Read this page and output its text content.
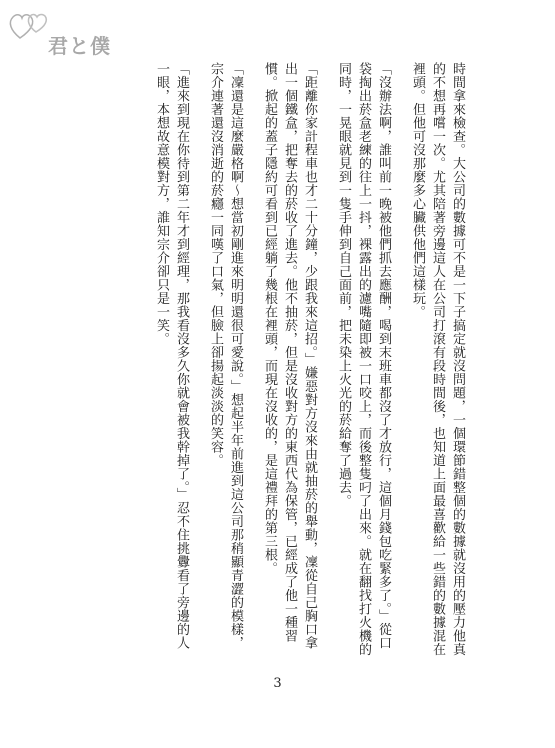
君と僕

時間拿來檢查。大公司的數據可不是一下子搞定就沒問題，一個環節錯整個的數據就沒用的壓力他真的不想再嚐一次。尤其陪著旁邊這人在公司打滾有段時間後，也知道上面最喜歡給一些錯的數據混在裡頭。但他可沒那麼多心臟供他們這樣玩。

「沒辦法啊，誰叫前一晚被他們抓去應酬，喝到末班車都沒了才放行，這個月錢包吃緊多了。」從口袋掏出菸盒老練的往上一抖，裸露出的濾嘴隨即被一口咬上，而後整隻叼了出來。就在翻找打火機的同時，一晃眼就見到一隻手伸到自己面前，把未染上火光的菸給奪了過去。

「距離你家計程車也才二十分鐘，少跟我來這招。」嫌惡對方沒來由就抽菸的舉動，凜從自己胸口拿出一個鐵盒，把奪去的菸收了進去。他不抽菸，但是沒收對方的東西代為保管，已經成了他一種習慣。掀起的蓋子隱約可看到已經躺了幾根在裡頭，而現在沒收的，是這禮拜的第三根。

「凜還是這麼嚴格啊～想當初剛進來明明還很可愛說。」想起半年前進到這公司那稍顯青澀的模樣，宗介連著還沒消逝的菸癮一同嘆了口氣，但臉上卻揚起淡淡的笑容。

「進來到現在你待到第二年才到經理，那我看沒多久你就會被我幹掉了。」忍不住挑釁看了旁邊的人一眼，本想故意模對方，誰知宗介卻只是一笑。

3
